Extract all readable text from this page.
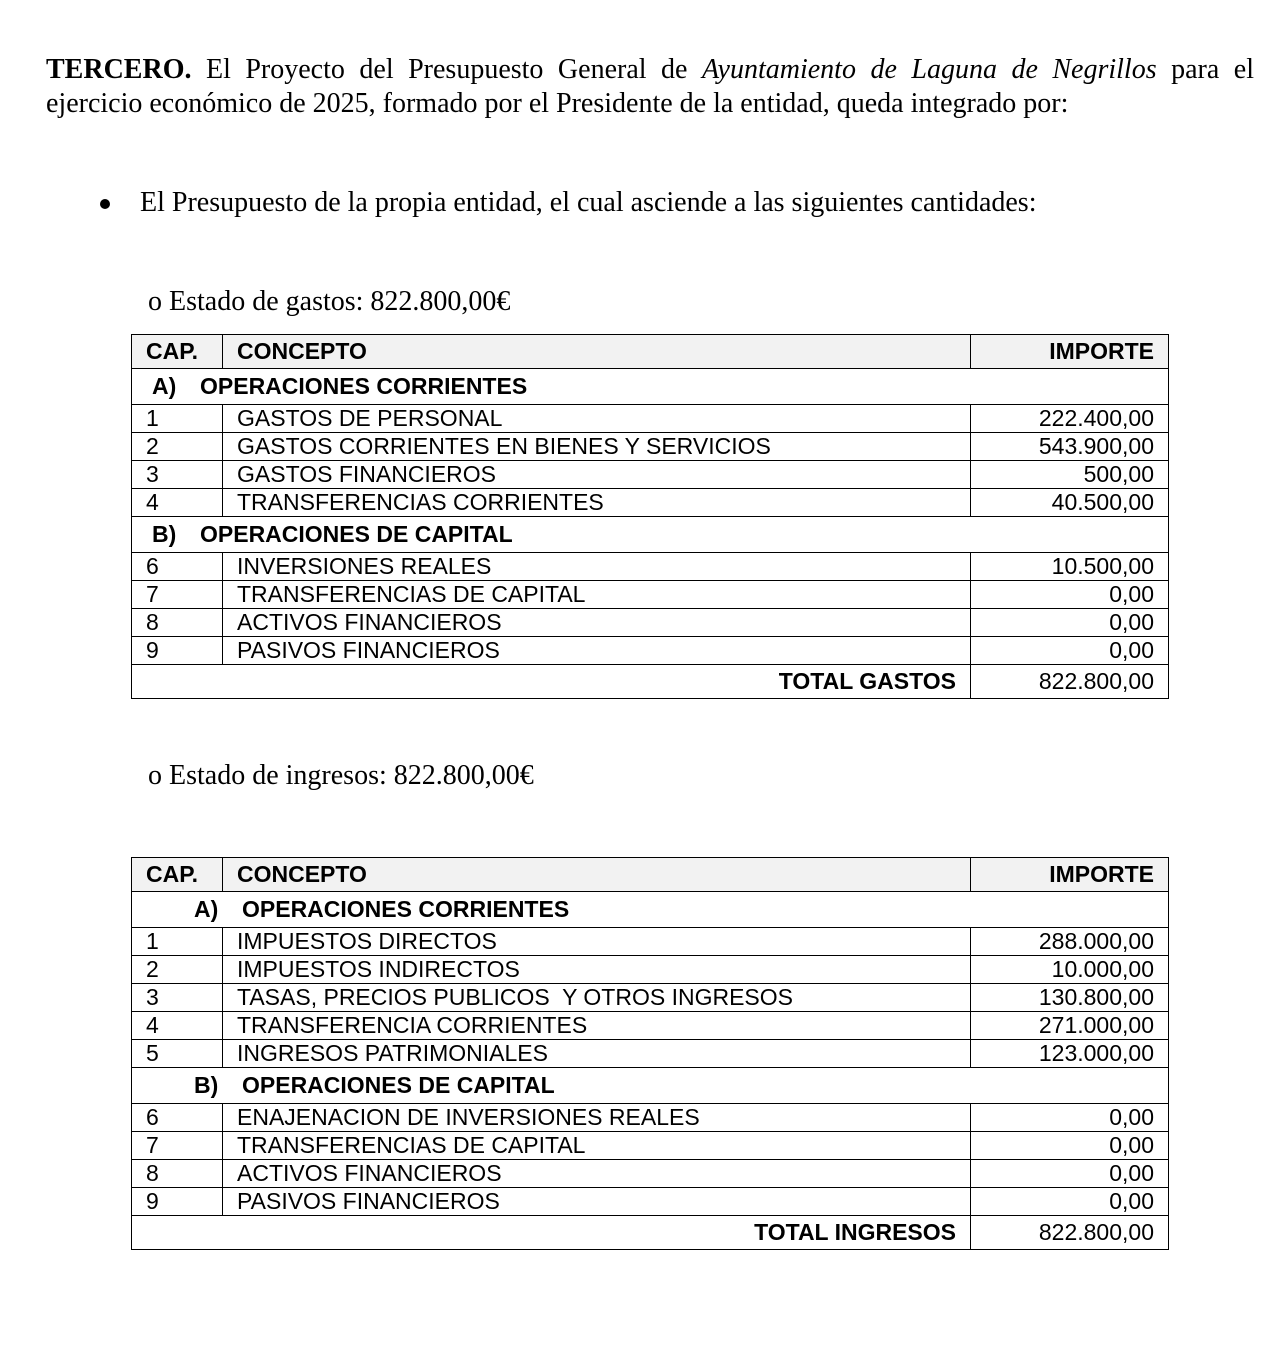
TERCERO. El Proyecto del Presupuesto General de Ayuntamiento de Laguna de Negrillos para el ejercicio económico de 2025, formado por el Presidente de la entidad, queda integrado por:
El Presupuesto de la propia entidad, el cual asciende a las siguientes cantidades:
o Estado de gastos: 822.800,00€
CAP.	CONCEPTO	IMPORTE
A) OPERACIONES CORRIENTES		
1	GASTOS DE PERSONAL	222.400,00
2	GASTOS CORRIENTES EN BIENES Y SERVICIOS	543.900,00
3	GASTOS FINANCIEROS	500,00
4	TRANSFERENCIAS CORRIENTES	40.500,00
B) OPERACIONES DE CAPITAL		
6	INVERSIONES REALES	10.500,00
7	TRANSFERENCIAS DE CAPITAL	0,00
8	ACTIVOS FINANCIEROS	0,00
9	PASIVOS FINANCIEROS	0,00
TOTAL GASTOS		822.800,00
o Estado de ingresos: 822.800,00€
CAP.	CONCEPTO	IMPORTE
A) OPERACIONES CORRIENTES		
1	IMPUESTOS DIRECTOS	288.000,00
2	IMPUESTOS INDIRECTOS	10.000,00
3	TASAS, PRECIOS PUBLICOS  Y OTROS INGRESOS	130.800,00
4	TRANSFERENCIA CORRIENTES	271.000,00
5	INGRESOS PATRIMONIALES	123.000,00
B) OPERACIONES DE CAPITAL		
6	ENAJENACION DE INVERSIONES REALES	0,00
7	TRANSFERENCIAS DE CAPITAL	0,00
8	ACTIVOS FINANCIEROS	0,00
9	PASIVOS FINANCIEROS	0,00
TOTAL INGRESOS		822.800,00
